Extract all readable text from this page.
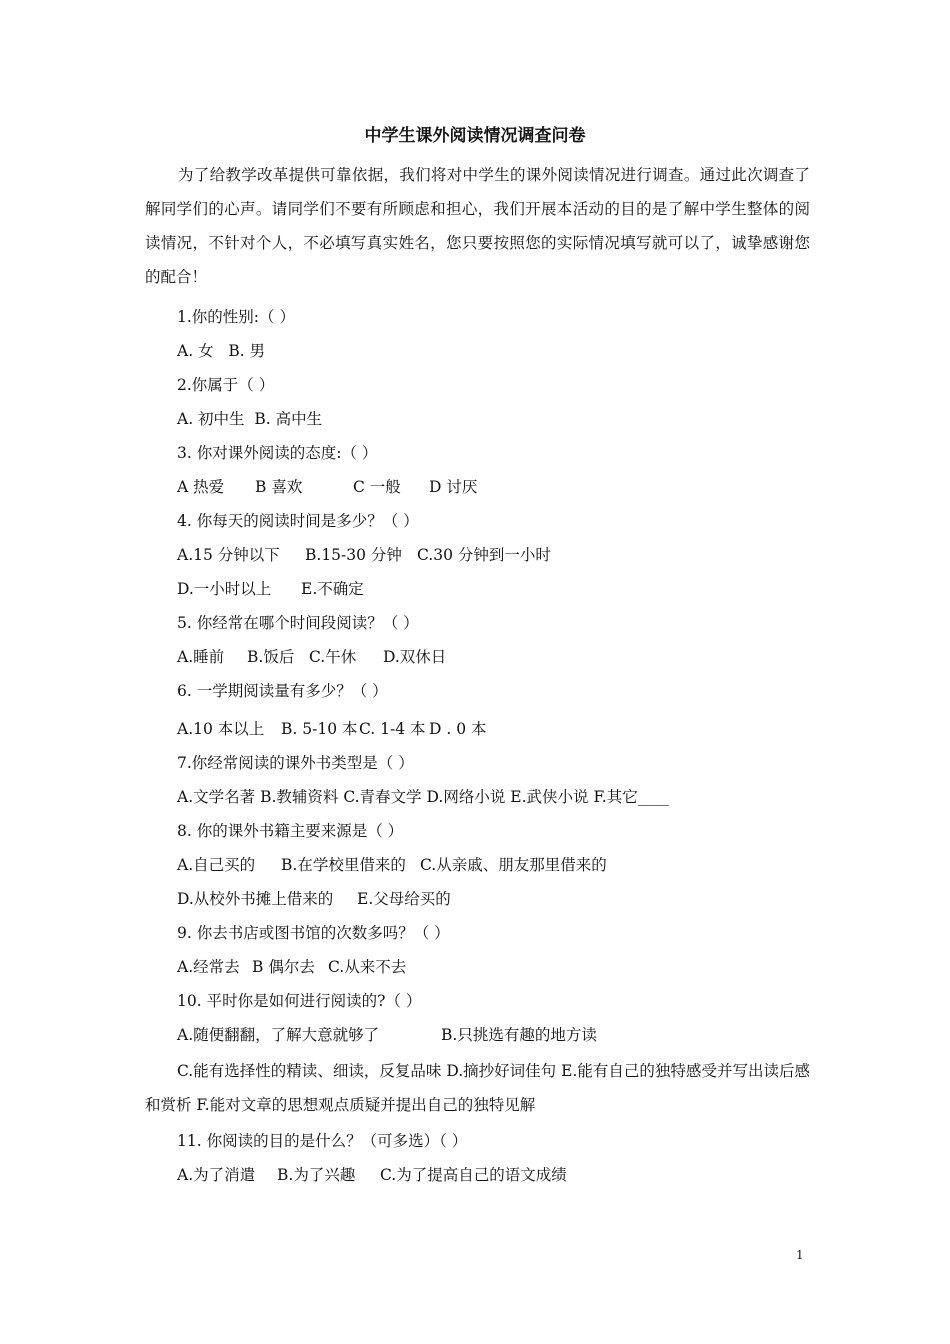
中学生课外阅读情况调查问卷

为了给教学改革提供可靠依据，我们将对中学生的课外阅读情况进行调查。通过此次调查了解同学们的心声。请同学们不要有所顾虑和担心，我们开展本活动的目的是了解中学生整体的阅读情况，不针对个人，不必填写真实姓名，您只要按照您的实际情况填写就可以了，诚挚感谢您的配合！

1.你的性别:（ ）

A. 女 B. 男

2.你属于（ ）

A. 初中生 B. 高中生

3. 你对课外阅读的态度:（ ）

A 热爱 B 喜欢	C 一般 D 讨厌

4. 你每天的阅读时间是多少？（ ）

A.15 分钟以下 B.15-30 分钟 C.30 分钟到一小时

D.一小时以上 E.不确定

5. 你经常在哪个时间段阅读？（ ）

A.睡前 B.饭后 C.午休 D.双休日

6. 一学期阅读量有多少？（ ）

A.10 本以上 B. 5-10 本C. 1-4 本 D . 0 本

7.你经常阅读的课外书类型是（ ）

A.文学名著 B.教辅资料 C.青春文学 D.网络小说 E.武侠小说 F.其它____

8. 你的课外书籍主要来源是（ ）

A.自己买的 B.在学校里借来的 C.从亲戚、朋友那里借来的

D.从校外书摊上借来的 E.父母给买的

9. 你去书店或图书馆的次数多吗？（ ）

A.经常去 B 偶尔去 C.从来不去

10. 平时你是如何进行阅读的?（ ）

A.随便翻翻，了解大意就够了	B.只挑选有趣的地方读

C.能有选择性的精读、细读，反复品味 D.摘抄好词佳句 E.能有自己的独特感受并写出读后感和赏析 F.能对文章的思想观点质疑并提出自己的独特见解

11. 你阅读的目的是什么？（可多选）（ ）

A.为了消遣 B.为了兴趣 C.为了提高自己的语文成绩

1
